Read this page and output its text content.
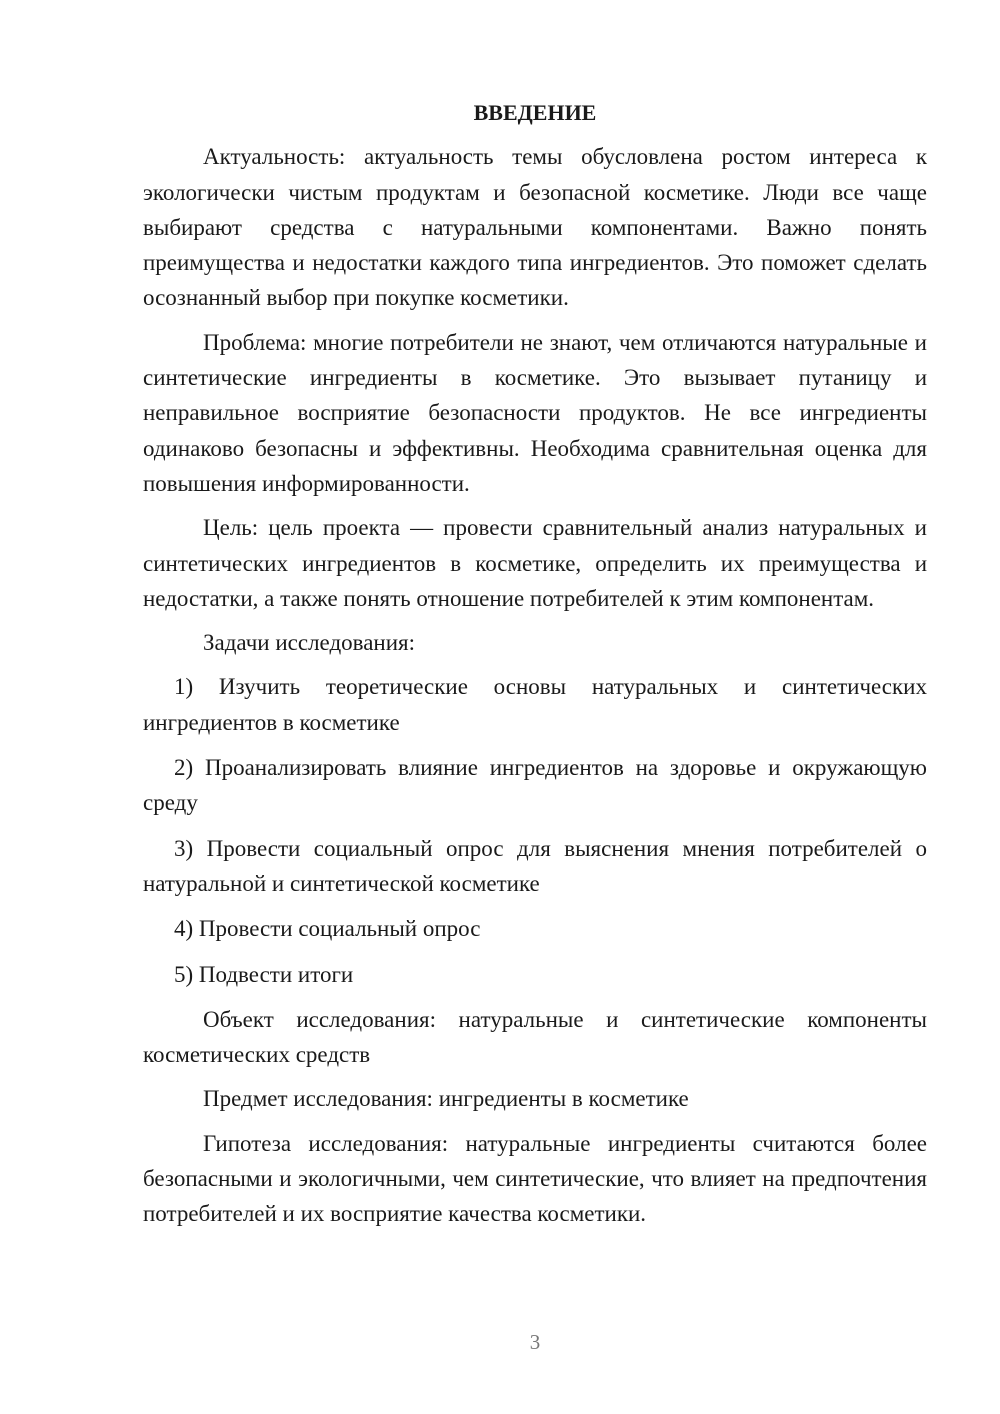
ВВЕДЕНИЕ

Актуальность: актуальность темы обусловлена ростом интереса к экологически чистым продуктам и безопасной косметике. Люди все чаще выбирают средства с натуральными компонентами. Важно понять преимущества и недостатки каждого типа ингредиентов. Это поможет сделать осознанный выбор при покупке косметики.

Проблема: многие потребители не знают, чем отличаются натуральные и синтетические ингредиенты в косметике. Это вызывает путаницу и неправильное восприятие безопасности продуктов. Не все ингредиенты одинаково безопасны и эффективны. Необходима сравнительная оценка для повышения информированности.

Цель: цель проекта — провести сравнительный анализ натуральных и синтетических ингредиентов в косметике, определить их преимущества и недостатки, а также понять отношение потребителей к этим компонентам.

Задачи исследования:

1) Изучить теоретические основы натуральных и синтетических ингредиентов в косметике

2) Проанализировать влияние ингредиентов на здоровье и окружающую среду

3) Провести социальный опрос для выяснения мнения потребителей о натуральной и синтетической косметике

4) Провести социальный опрос

5) Подвести итоги

Объект исследования: натуральные и синтетические компоненты косметических средств

Предмет исследования: ингредиенты в косметике

Гипотеза исследования: натуральные ингредиенты считаются более безопасными и экологичными, чем синтетические, что влияет на предпочтения потребителей и их восприятие качества косметики.

3
